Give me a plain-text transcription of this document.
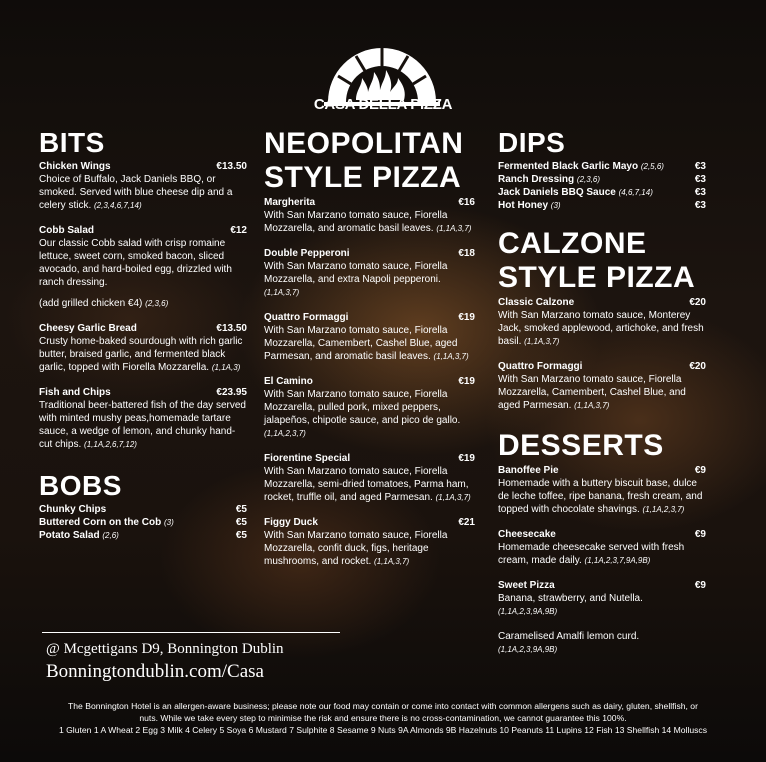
CASA DELLA PIZZA
BITS
Chicken Wings	€13.50
Choice of Buffalo, Jack Daniels BBQ, or smoked. Served with blue cheese dip and a celery stick. (2,3,4,6,7,14)
Cobb Salad	€12
Our classic Cobb salad with crisp romaine lettuce, sweet corn, smoked bacon, sliced avocado, and hard-boiled egg, drizzled with ranch dressing.
(add grilled chicken €4) (2,3,6)
Cheesy Garlic Bread	€13.50
Crusty home-baked sourdough with rich garlic butter, braised garlic, and fermented black garlic, topped with Fiorella Mozzarella. (1,1A,3)
Fish and Chips	€23.95
Traditional beer-battered fish of the day served with minted mushy peas,homemade tartare sauce, a wedge of lemon, and chunky hand-cut chips. (1,1A,2,6,7,12)
BOBS
Chunky Chips	€5
Buttered Corn on the Cob (3)	€5
Potato Salad (2,6)	€5
NEOPOLITAN
STYLE PIZZA
Margherita	€16
With San Marzano tomato sauce, Fiorella Mozzarella, and aromatic basil leaves. (1,1A,3,7)
Double Pepperoni	€18
With San Marzano tomato sauce, Fiorella Mozzarella, and extra Napoli pepperoni. (1,1A,3,7)
Quattro Formaggi	€19
With San Marzano tomato sauce, Fiorella Mozzarella, Camembert, Cashel Blue, aged Parmesan, and aromatic basil leaves. (1,1A,3,7)
El Camino	€19
With San Marzano tomato sauce, Fiorella Mozzarella, pulled pork, mixed peppers, jalapeños, chipotle sauce, and pico de gallo. (1,1A,2,3,7)
Fiorentine Special	€19
With San Marzano tomato sauce, Fiorella Mozzarella, semi-dried tomatoes, Parma ham, rocket, truffle oil, and aged Parmesan. (1,1A,3,7)
Figgy Duck	€21
With San Marzano tomato sauce, Fiorella Mozzarella, confit duck, figs, heritage mushrooms, and rocket. (1,1A,3,7)
DIPS
Fermented Black Garlic Mayo (2,5,6)	€3
Ranch Dressing (2,3,6)	€3
Jack Daniels BBQ Sauce (4,6,7,14)	€3
Hot Honey (3)	€3
CALZONE
STYLE PIZZA
Classic Calzone	€20
With San Marzano tomato sauce, Monterey Jack, smoked applewood, artichoke, and fresh basil. (1,1A,3,7)
Quattro Formaggi	€20
With San Marzano tomato sauce, Fiorella Mozzarella, Camembert, Cashel Blue, and aged Parmesan. (1,1A,3,7)
DESSERTS
Banoffee Pie	€9
Homemade with a buttery biscuit base, dulce de leche toffee, ripe banana, fresh cream, and topped with chocolate shavings. (1,1A,2,3,7)
Cheesecake	€9
Homemade cheesecake served with fresh cream, made daily. (1,1A,2,3,7,9A,9B)
Sweet Pizza	€9
Banana, strawberry, and Nutella.
(1,1A,2,3,9A,9B)
Caramelised Amalfi lemon curd.
(1,1A,2,3,9A,9B)
@ Mcgettigans D9, Bonnington Dublin
Bonningtondublin.com/Casa
The Bonnington Hotel is an allergen-aware business; please note our food may contain or come into contact with common allergens such as dairy, gluten, shellfish, or
nuts. While we take every step to minimise the risk and ensure there is no cross-contamination, we cannot guarantee this 100%.
1 Gluten 1 A Wheat 2 Egg 3 Milk 4 Celery 5 Soya 6 Mustard 7 Sulphite 8 Sesame 9 Nuts 9A Almonds 9B Hazelnuts 10 Peanuts 11 Lupins 12 Fish 13 Shellfish 14 Molluscs
